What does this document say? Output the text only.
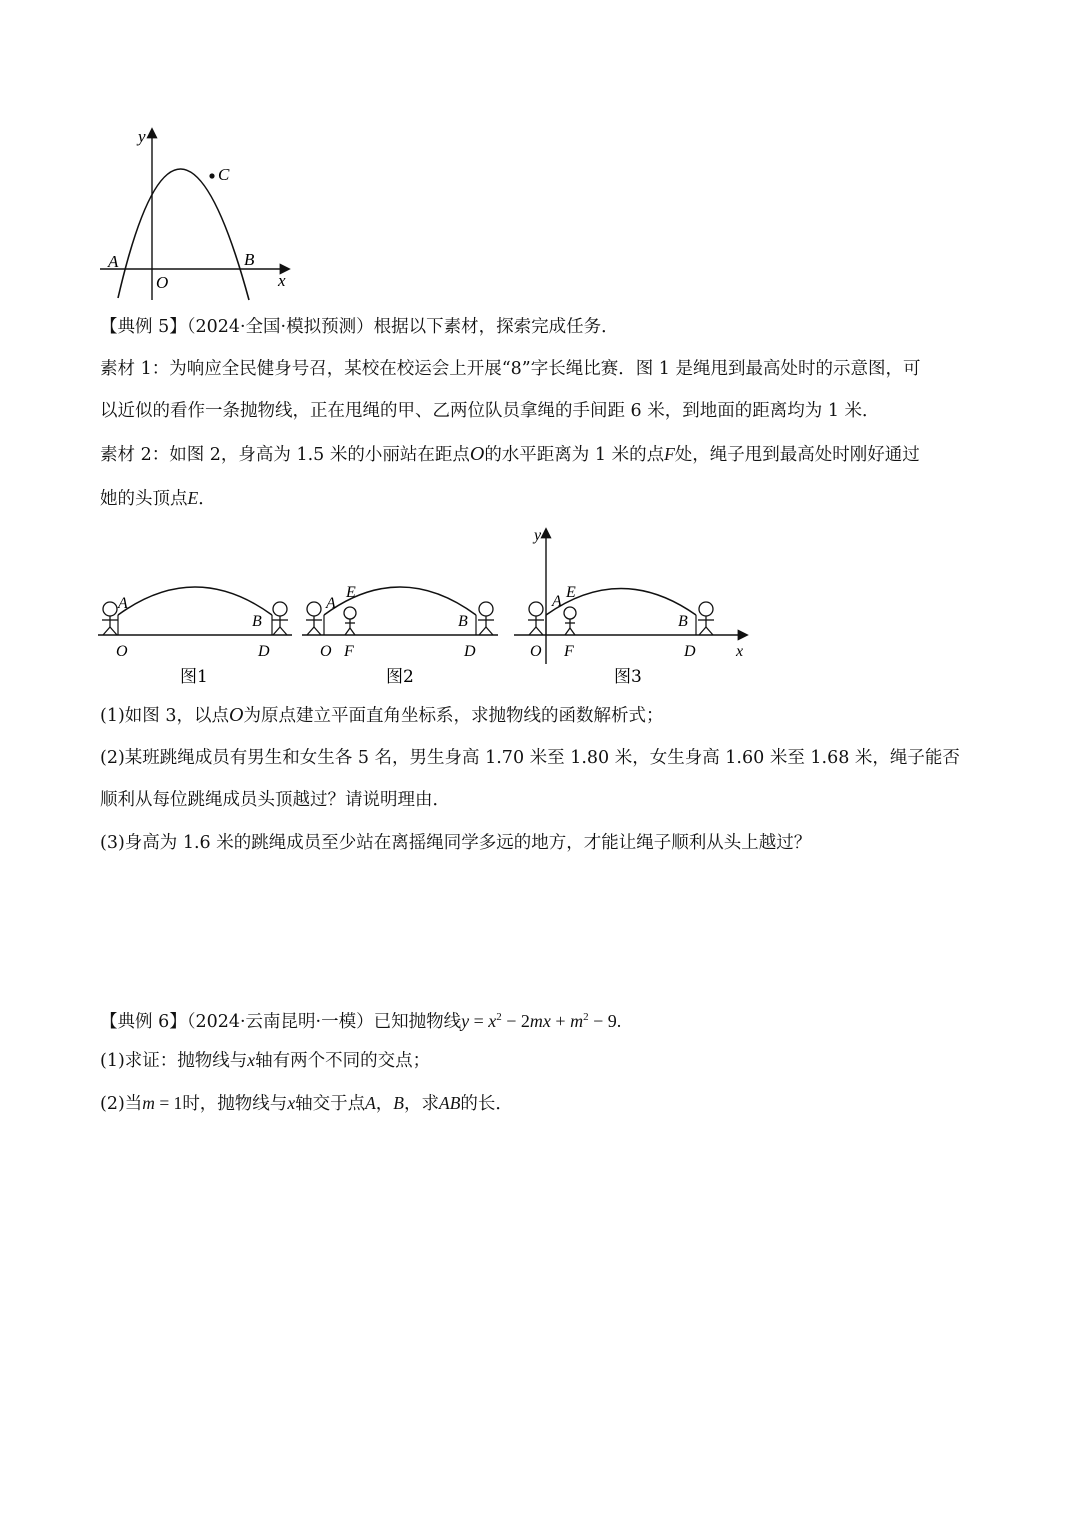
y
x
O
A	B
C
【典例 5】（2024·全国·模拟预测）根据以下素材，探索完成任务．
素材 1：为响应全民健身号召，某校在校运会上开展“8”字长绳比赛．图 1 是绳甩到最高处时的示意图，可
以近似的看作一条抛物线，正在甩绳的甲、乙两位队员拿绳的手间距 6 米，到地面的距离均为 1 米．
素材 2：如图 2，身高为 1.5 米的小丽站在距点O的水平距离为 1 米的点F处，绳子甩到最高处时刚好通过
她的头顶点E．
A
B
O	D
图1
A
E
B
O F	D
图2
y
A
E
B
O F	D	x
图3
(1)如图 3，以点O为原点建立平面直角坐标系，求抛物线的函数解析式；
(2)某班跳绳成员有男生和女生各 5 名，男生身高 1.70 米至 1.80 米，女生身高 1.60 米至 1.68 米，绳子能否
顺利从每位跳绳成员头顶越过？请说明理由．
(3)身高为 1.6 米的跳绳成员至少站在离摇绳同学多远的地方，才能让绳子顺利从头上越过？
【典例 6】（2024·云南昆明·一模）已知抛物线$y = x^2 - 2mx + m^2 - 9$.
(1)求证：抛物线与x轴有两个不同的交点；
(2)当m = 1时，抛物线与x轴交于点A，B，求AB的长．
